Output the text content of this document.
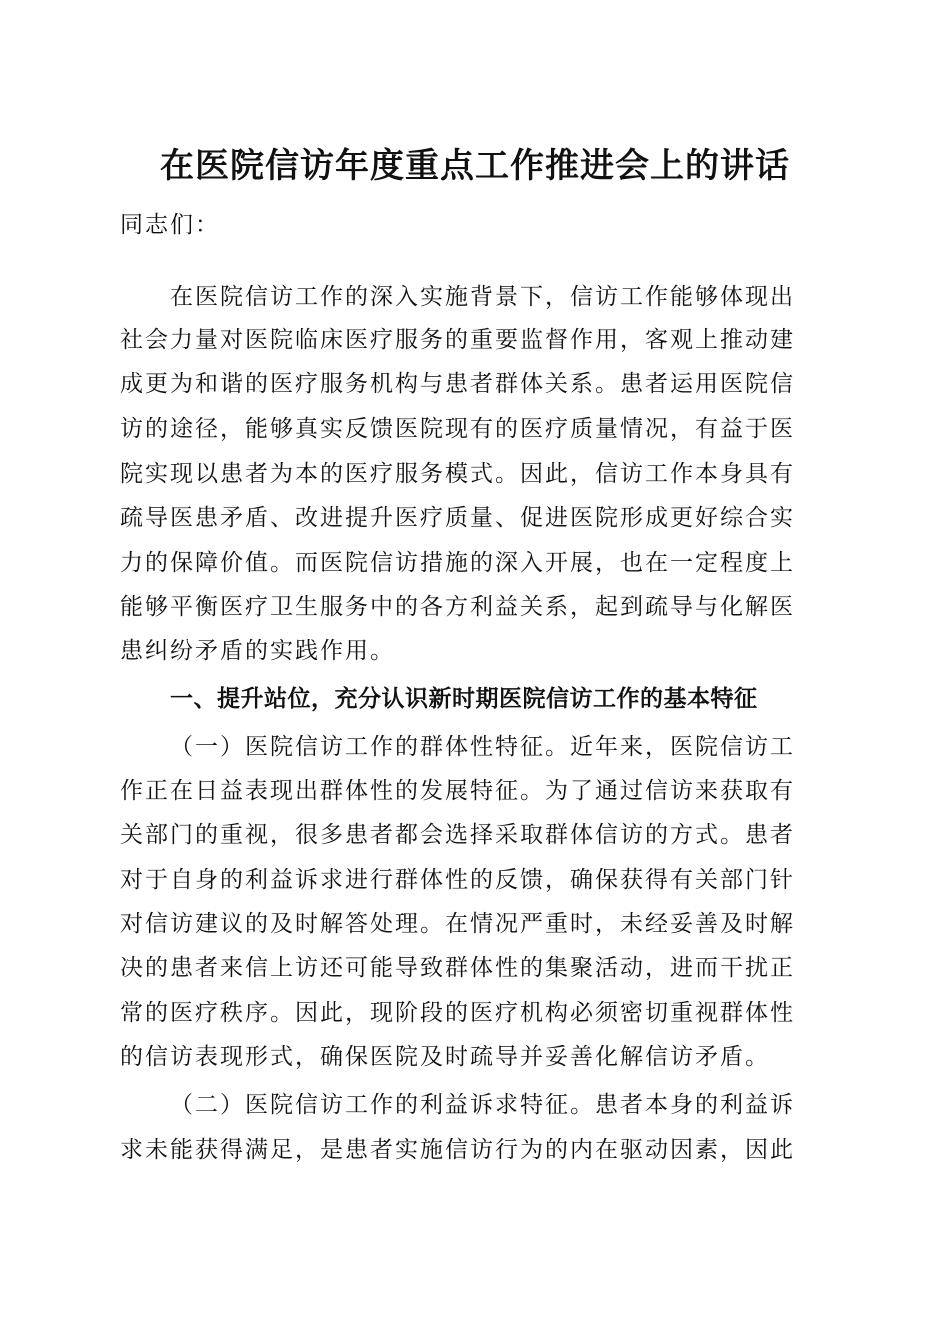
在医院信访年度重点工作推进会上的讲话
同志们：
在医院信访工作的深入实施背景下，信访工作能够体现出
社会力量对医院临床医疗服务的重要监督作用，客观上推动建
成更为和谐的医疗服务机构与患者群体关系。患者运用医院信
访的途径，能够真实反馈医院现有的医疗质量情况，有益于医
院实现以患者为本的医疗服务模式。因此，信访工作本身具有
疏导医患矛盾、改进提升医疗质量、促进医院形成更好综合实
力的保障价值。而医院信访措施的深入开展，也在一定程度上
能够平衡医疗卫生服务中的各方利益关系，起到疏导与化解医
患纠纷矛盾的实践作用。
一、提升站位，充分认识新时期医院信访工作的基本特征
（一）医院信访工作的群体性特征。近年来，医院信访工
作正在日益表现出群体性的发展特征。为了通过信访来获取有
关部门的重视，很多患者都会选择采取群体信访的方式。患者
对于自身的利益诉求进行群体性的反馈，确保获得有关部门针
对信访建议的及时解答处理。在情况严重时，未经妥善及时解
决的患者来信上访还可能导致群体性的集聚活动，进而干扰正
常的医疗秩序。因此，现阶段的医疗机构必须密切重视群体性
的信访表现形式，确保医院及时疏导并妥善化解信访矛盾。
（二）医院信访工作的利益诉求特征。患者本身的利益诉
求未能获得满足，是患者实施信访行为的内在驱动因素，因此
